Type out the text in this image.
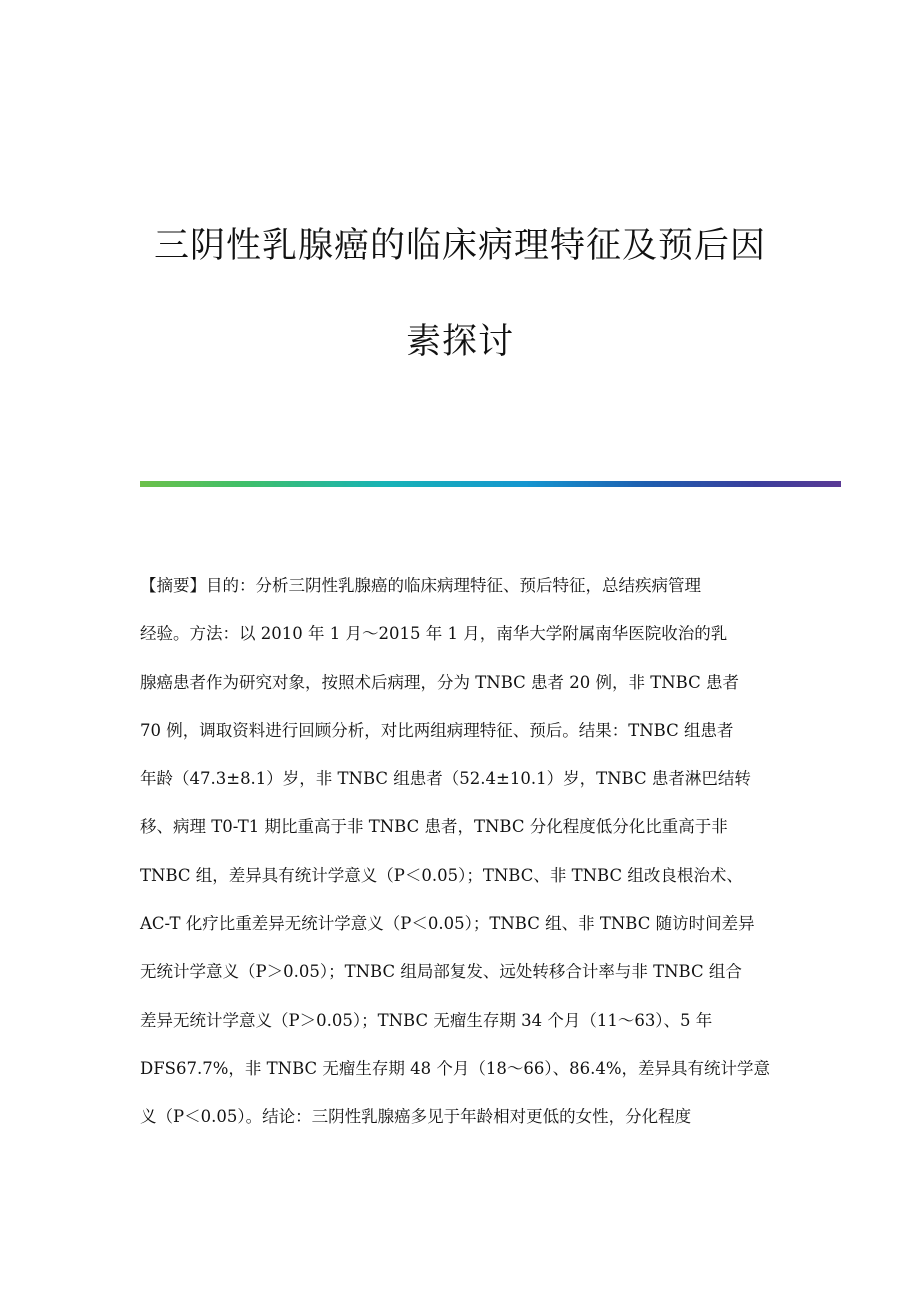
三阴性乳腺癌的临床病理特征及预后因
素探讨
【摘要】目的：分析三阴性乳腺癌的临床病理特征、预后特征，总结疾病管理
经验。方法：以 2010 年 1 月～2015 年 1 月，南华大学附属南华医院收治的乳
腺癌患者作为研究对象，按照术后病理，分为 TNBC 患者 20 例，非 TNBC 患者
70 例，调取资料进行回顾分析，对比两组病理特征、预后。结果：TNBC 组患者
年龄（47.3±8.1）岁，非 TNBC 组患者（52.4±10.1）岁，TNBC 患者淋巴结转
移、病理 T0-T1 期比重高于非 TNBC 患者，TNBC 分化程度低分化比重高于非
TNBC 组，差异具有统计学意义（P＜0.05）；TNBC、非 TNBC 组改良根治术、
AC-T 化疗比重差异无统计学意义（P＜0.05）；TNBC 组、非 TNBC 随访时间差异
无统计学意义（P＞0.05）；TNBC 组局部复发、远处转移合计率与非 TNBC 组合
差异无统计学意义（P＞0.05）；TNBC 无瘤生存期 34 个月（11～63）、5 年
DFS67.7%，非 TNBC 无瘤生存期 48 个月（18～66）、86.4%，差异具有统计学意
义（P＜0.05）。结论：三阴性乳腺癌多见于年龄相对更低的女性，分化程度
